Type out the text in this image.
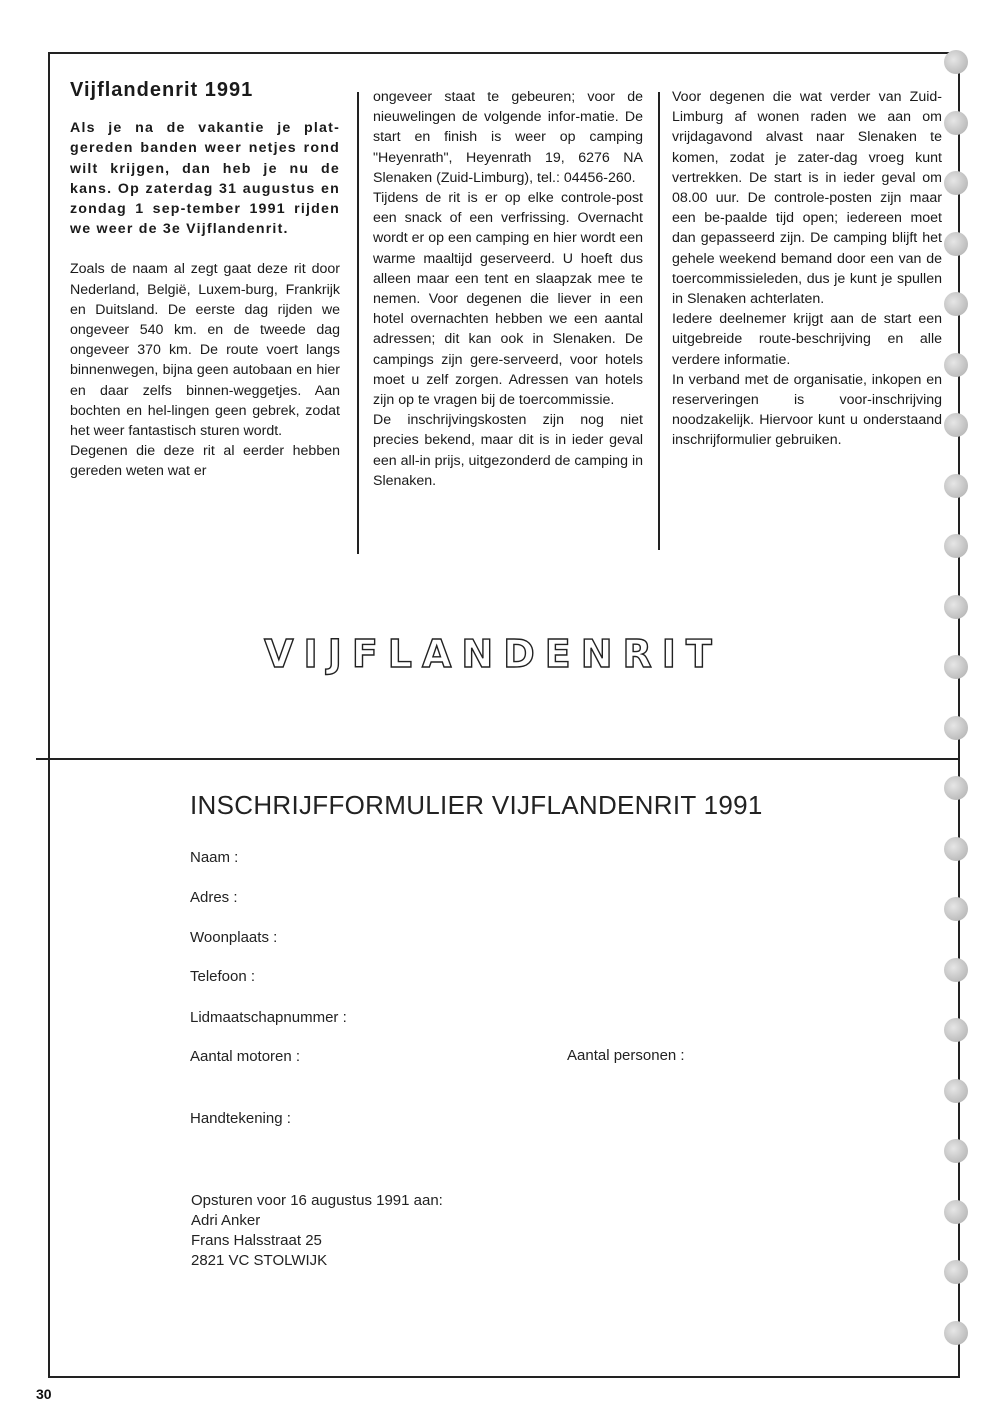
Vijflandenrit 1991

Als je na de vakantie je plat-gereden banden weer netjes rond wilt krijgen, dan heb je nu de kans. Op zaterdag 31 augustus en zondag 1 sep-tember 1991 rijden we weer de 3e Vijflandenrit.

Zoals de naam al zegt gaat deze rit door Nederland, België, Luxem-burg, Frankrijk en Duitsland. De eerste dag rijden we ongeveer 540 km. en de tweede dag ongeveer 370 km. De route voert langs binnenwegen, bijna geen autobaan en hier en daar zelfs binnen-weggetjes. Aan bochten en hel-lingen geen gebrek, zodat het weer fantastisch sturen wordt.

Degenen die deze rit al eerder hebben gereden weten wat er

ongeveer staat te gebeuren; voor de nieuwelingen de volgende infor-matie. De start en finish is weer op camping "Heyenrath", Heyenrath 19, 6276 NA Slenaken (Zuid-Limburg), tel.: 04456-260.

Tijdens de rit is er op elke controle-post een snack of een verfrissing. Overnacht wordt er op een camping en hier wordt een warme maaltijd geserveerd. U hoeft dus alleen maar een tent en slaapzak mee te nemen. Voor degenen die liever in een hotel overnachten hebben we een aantal adressen; dit kan ook in Slenaken. De campings zijn gere-serveerd, voor hotels moet u zelf zorgen. Adressen van hotels zijn op te vragen bij de toercommissie.

De inschrijvingskosten zijn nog niet precies bekend, maar dit is in ieder geval een all-in prijs, uitgezonderd de camping in Slenaken.

Voor degenen die wat verder van Zuid-Limburg af wonen raden we aan om vrijdagavond alvast naar Slenaken te komen, zodat je zater-dag vroeg kunt vertrekken. De start is in ieder geval om 08.00 uur. De controle-posten zijn maar een be-paalde tijd open; iedereen moet dan gepasseerd zijn. De camping blijft het gehele weekend bemand door een van de toercommissieleden, dus je kunt je spullen in Slenaken achterlaten.

Iedere deelnemer krijgt aan de start een uitgebreide route-beschrijving en alle verdere informatie.

In verband met de organisatie, inkopen en reserveringen is voor-inschrijving noodzakelijk. Hiervoor kunt u onderstaand inschrijformulier gebruiken.

VIJFLANDENRIT
INSCHRIJFFORMULIER VIJFLANDENRIT 1991
Naam :
Adres :
Woonplaats :
Telefoon :
Lidmaatschapnummer :
Aantal motoren :	Aantal personen :
Handtekening :
Opsturen voor 16 augustus 1991 aan:
Adri Anker
Frans Halsstraat 25
2821 VC STOLWIJK
30
